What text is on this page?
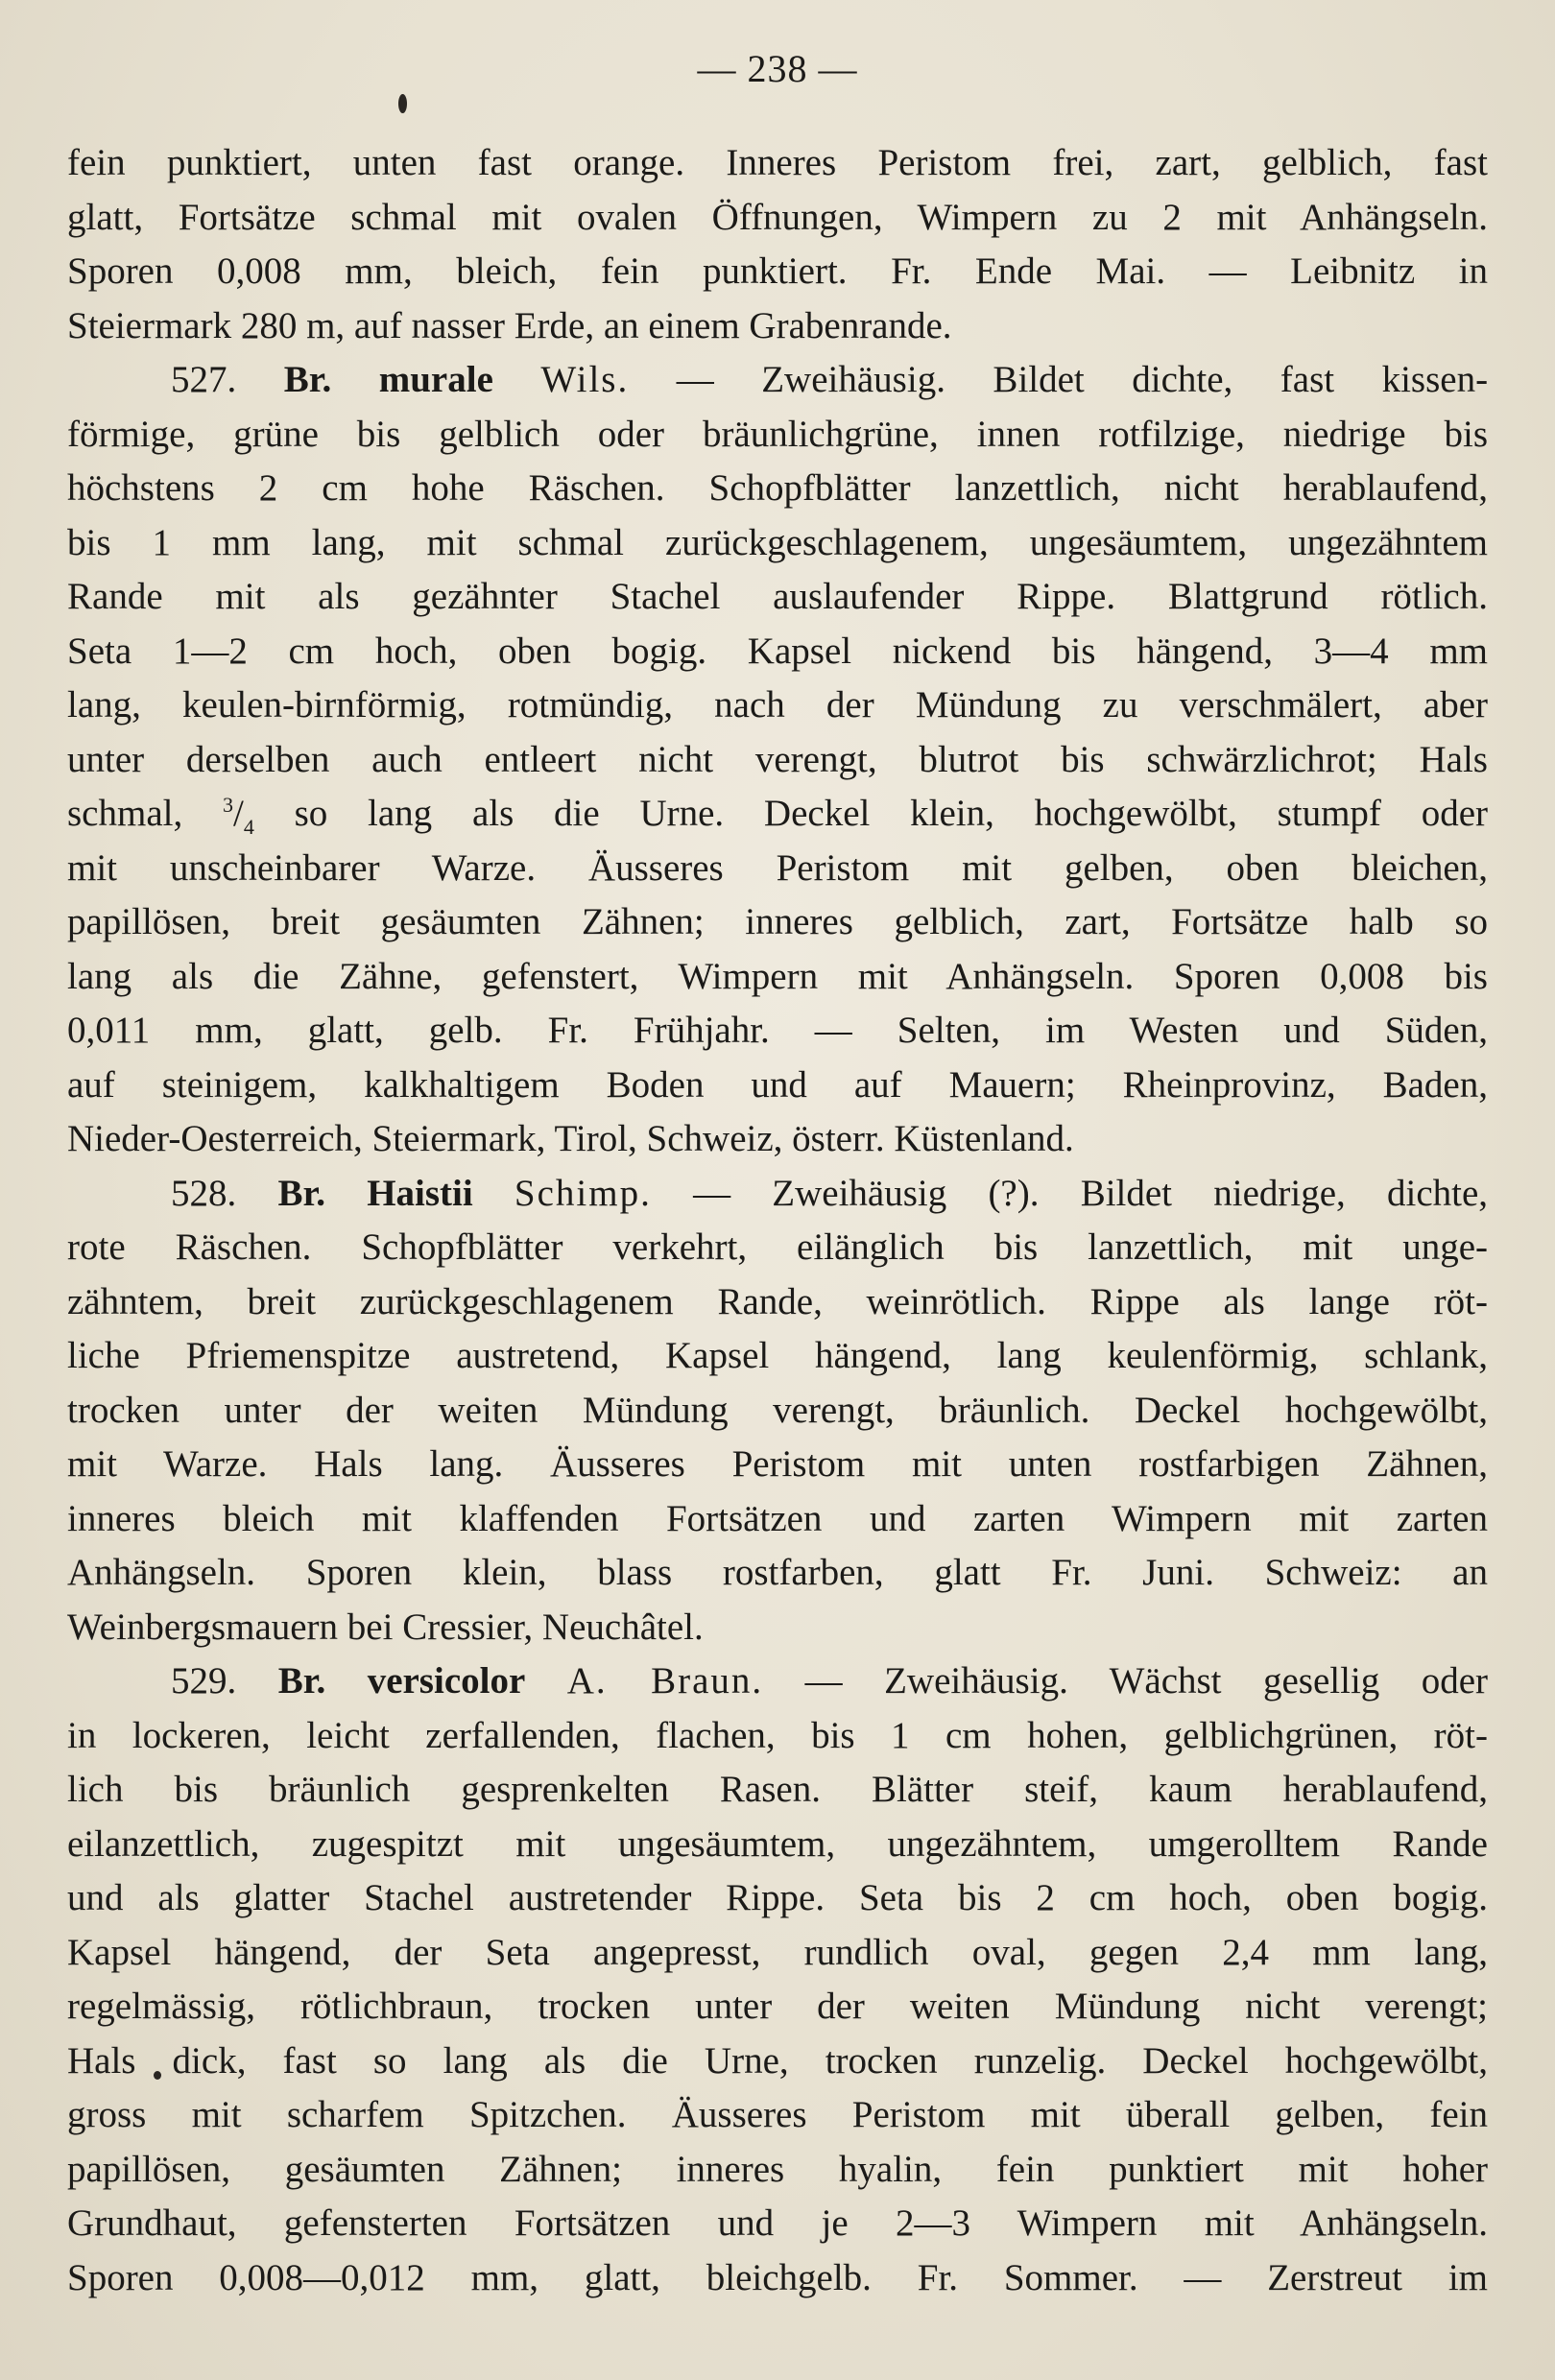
— 238 —
fein punktiert, unten fast orange. Inneres Peristom frei, zart, gelblich, fast
glatt, Fortsätze schmal mit ovalen Öffnungen, Wimpern zu 2 mit Anhängseln.
Sporen 0,008 mm, bleich, fein punktiert. Fr. Ende Mai. — Leibnitz in
Steiermark 280 m, auf nasser Erde, an einem Grabenrande.
527. Br. murale Wils. — Zweihäusig. Bildet dichte, fast kissen-
förmige, grüne bis gelblich oder bräunlichgrüne, innen rotfilzige, niedrige bis
höchstens 2 cm hohe Räschen. Schopfblätter lanzettlich, nicht herablaufend,
bis 1 mm lang, mit schmal zurückgeschlagenem, ungesäumtem, ungezähntem
Rande mit als gezähnter Stachel auslaufender Rippe. Blattgrund rötlich.
Seta 1—2 cm hoch, oben bogig. Kapsel nickend bis hängend, 3—4 mm
lang, keulen-birnförmig, rotmündig, nach der Mündung zu verschmälert, aber
unter derselben auch entleert nicht verengt, blutrot bis schwärzlichrot; Hals
schmal, $^3/_4$ so lang als die Urne. Deckel klein, hochgewölbt, stumpf oder
mit unscheinbarer Warze. Äusseres Peristom mit gelben, oben bleichen,
papillösen, breit gesäumten Zähnen; inneres gelblich, zart, Fortsätze halb so
lang als die Zähne, gefenstert, Wimpern mit Anhängseln. Sporen 0,008 bis
0,011 mm, glatt, gelb. Fr. Frühjahr. — Selten, im Westen und Süden,
auf steinigem, kalkhaltigem Boden und auf Mauern; Rheinprovinz, Baden,
Nieder-Oesterreich, Steiermark, Tirol, Schweiz, österr. Küstenland.
528. Br. Haistii Schimp. — Zweihäusig (?). Bildet niedrige, dichte,
rote Räschen. Schopfblätter verkehrt, eilänglich bis lanzettlich, mit unge-
zähntem, breit zurückgeschlagenem Rande, weinrötlich. Rippe als lange röt-
liche Pfriemenspitze austretend, Kapsel hängend, lang keulenförmig, schlank,
trocken unter der weiten Mündung verengt, bräunlich. Deckel hochgewölbt,
mit Warze. Hals lang. Äusseres Peristom mit unten rostfarbigen Zähnen,
inneres bleich mit klaffenden Fortsätzen und zarten Wimpern mit zarten
Anhängseln. Sporen klein, blass rostfarben, glatt Fr. Juni. Schweiz: an
Weinbergsmauern bei Cressier, Neuchâtel.
529. Br. versicolor A. Braun. — Zweihäusig. Wächst gesellig oder
in lockeren, leicht zerfallenden, flachen, bis 1 cm hohen, gelblichgrünen, röt-
lich bis bräunlich gesprenkelten Rasen. Blätter steif, kaum herablaufend,
eilanzettlich, zugespitzt mit ungesäumtem, ungezähntem, umgerolltem Rande
und als glatter Stachel austretender Rippe. Seta bis 2 cm hoch, oben bogig.
Kapsel hängend, der Seta angepresst, rundlich oval, gegen 2,4 mm lang,
regelmässig, rötlichbraun, trocken unter der weiten Mündung nicht verengt;
Hals dick, fast so lang als die Urne, trocken runzelig. Deckel hochgewölbt,
gross mit scharfem Spitzchen. Äusseres Peristom mit überall gelben, fein
papillösen, gesäumten Zähnen; inneres hyalin, fein punktiert mit hoher
Grundhaut, gefensterten Fortsätzen und je 2—3 Wimpern mit Anhängseln.
Sporen 0,008—0,012 mm, glatt, bleichgelb. Fr. Sommer. — Zerstreut im
